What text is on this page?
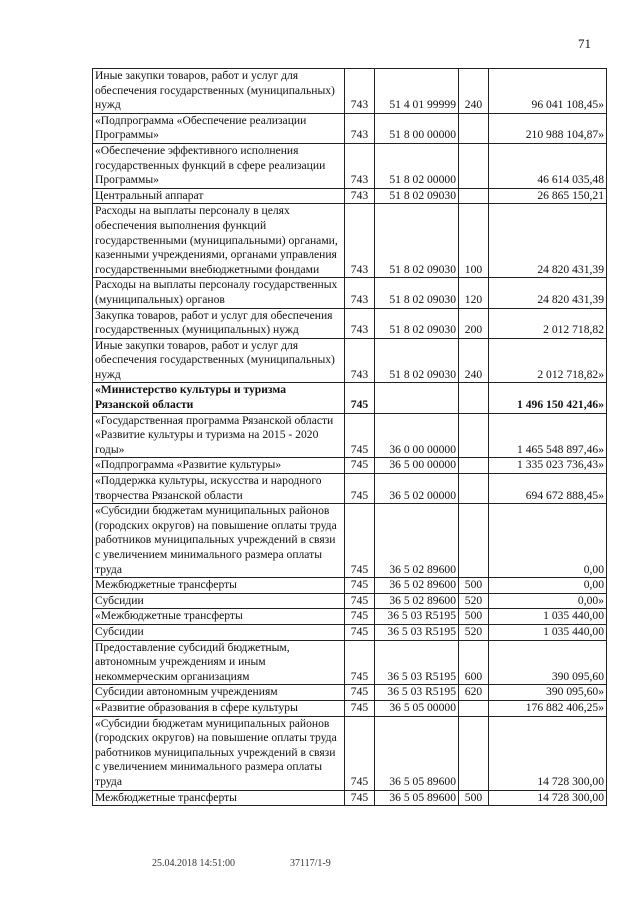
71
Иные закупки товаров, работ и услуг для обеспечения государственных (муниципальных) нужд	743	51 4 01 99999	240	96 041 108,45»
«Подпрограмма «Обеспечение реализации Программы»	743	51 8 00 00000		210 988 104,87»
«Обеспечение эффективного исполнения государственных функций в сфере реализации Программы»	743	51 8 02 00000		46 614 035,48
Центральный аппарат	743	51 8 02 09030		26 865 150,21
Расходы на выплаты персоналу в целях обеспечения выполнения функций государственными (муниципальными) органами, казенными учреждениями, органами управления государственными внебюджетными фондами	743	51 8 02 09030	100	24 820 431,39
Расходы на выплаты персоналу государственных (муниципальных) органов	743	51 8 02 09030	120	24 820 431,39
Закупка товаров, работ и услуг для обеспечения государственных (муниципальных) нужд	743	51 8 02 09030	200	2 012 718,82
Иные закупки товаров, работ и услуг для обеспечения государственных (муниципальных) нужд	743	51 8 02 09030	240	2 012 718,82»
«Министерство культуры и туризма Рязанской области	745			1 496 150 421,46»
«Государственная программа Рязанской области «Развитие культуры и туризма на 2015 - 2020 годы»	745	36 0 00 00000		1 465 548 897,46»
«Подпрограмма «Развитие культуры»	745	36 5 00 00000		1 335 023 736,43»
«Поддержка культуры, искусства и народного творчества Рязанской области	745	36 5 02 00000		694 672 888,45»
«Субсидии бюджетам муниципальных районов (городских округов) на повышение оплаты труда работников муниципальных учреждений в связи с увеличением минимального размера оплаты труда	745	36 5 02 89600		0,00
Межбюджетные трансферты	745	36 5 02 89600	500	0,00
Субсидии	745	36 5 02 89600	520	0,00»
«Межбюджетные трансферты	745	36 5 03 R5195	500	1 035 440,00
Субсидии	745	36 5 03 R5195	520	1 035 440,00
Предоставление субсидий бюджетным, автономным учреждениям и иным некоммерческим организациям	745	36 5 03 R5195	600	390 095,60
Субсидии автономным учреждениям	745	36 5 03 R5195	620	390 095,60»
«Развитие образования в сфере культуры	745	36 5 05 00000		176 882 406,25»
«Субсидии бюджетам муниципальных районов (городских округов) на повышение оплаты труда работников муниципальных учреждений в связи с увеличением минимального размера оплаты труда	745	36 5 05 89600		14 728 300,00
Межбюджетные трансферты	745	36 5 05 89600	500	14 728 300,00
25.04.2018 14:51:00	37117/1-9
